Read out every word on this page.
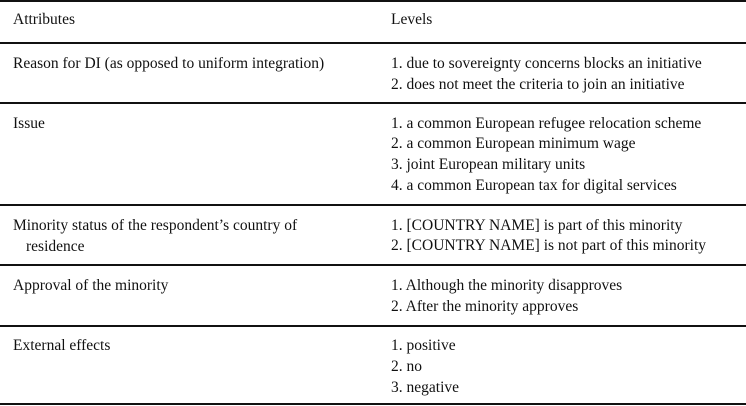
Attributes	Levels
Reason for DI (as opposed to uniform integration)	1. due to sovereignty concerns blocks an initiative
2. does not meet the criteria to join an initiative
Issue	1. a common European refugee relocation scheme
2. a common European minimum wage
3. joint European military units
4. a common European tax for digital services
Minority status of the respondent’s country of residence
1. [COUNTRY NAME] is part of this minority
2. [COUNTRY NAME] is not part of this minority
Approval of the minority	1. Although the minority disapproves
2. After the minority approves
External effects	1. positive
2. no
3. negative
